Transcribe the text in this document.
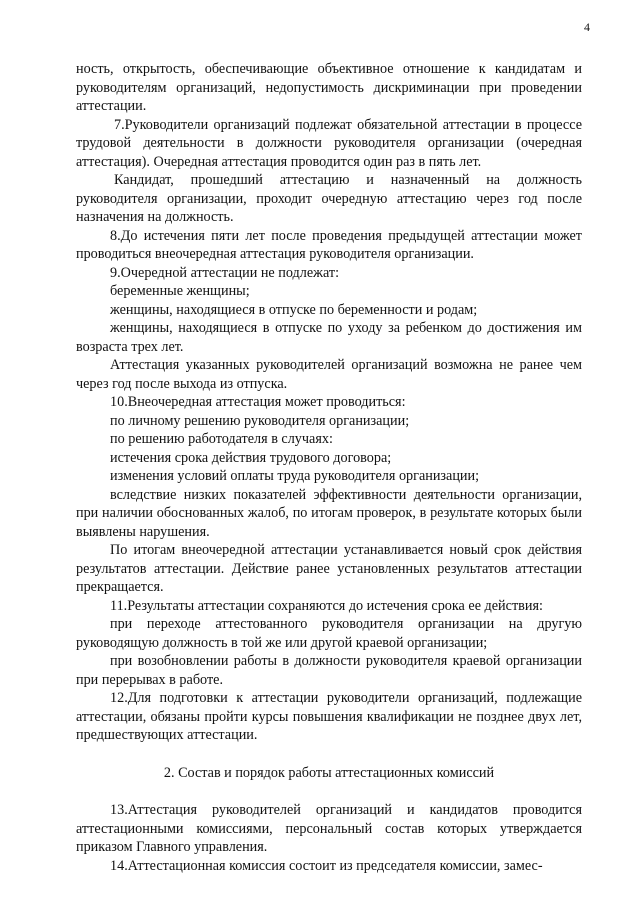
4

ность, открытость, обеспечивающие объективное отношение к кандидатам и руководителям организаций, недопустимость дискриминации при проведении аттестации.

7.Руководители организаций подлежат обязательной аттестации в процессе трудовой деятельности в должности руководителя организации (очередная аттестация). Очередная аттестация проводится один раз в пять лет.

Кандидат, прошедший аттестацию и назначенный на должность руководителя организации, проходит очередную аттестацию через год после назначения на должность.

8.До истечения пяти лет после проведения предыдущей аттестации может проводиться внеочередная аттестация руководителя организации.

9.Очередной аттестации не подлежат:

беременные женщины;

женщины, находящиеся в отпуске по беременности и родам;

женщины, находящиеся в отпуске по уходу за ребенком до достижения им возраста трех лет.

Аттестация указанных руководителей организаций возможна не ранее чем через год после выхода из отпуска.

10.Внеочередная аттестация может проводиться:

по личному решению руководителя организации;

по решению работодателя в случаях:

истечения срока действия трудового договора;

изменения условий оплаты труда руководителя организации;

вследствие низких показателей эффективности деятельности организации, при наличии обоснованных жалоб, по итогам проверок, в результате которых были выявлены нарушения.

По итогам внеочередной аттестации устанавливается новый срок действия результатов аттестации. Действие ранее установленных результатов аттестации прекращается.

11.Результаты аттестации сохраняются до истечения срока ее действия:

при переходе аттестованного руководителя организации на другую руководящую должность в той же или другой краевой организации;

при возобновлении работы в должности руководителя краевой организации при перерывах в работе.

12.Для подготовки к аттестации руководители организаций, подлежащие аттестации, обязаны пройти курсы повышения квалификации не позднее двух лет, предшествующих аттестации.

2. Состав и порядок работы аттестационных комиссий

13.Аттестация руководителей организаций и кандидатов проводится аттестационными комиссиями, персональный состав которых утверждается приказом Главного управления.

14.Аттестационная комиссия состоит из председателя комиссии, замес-
